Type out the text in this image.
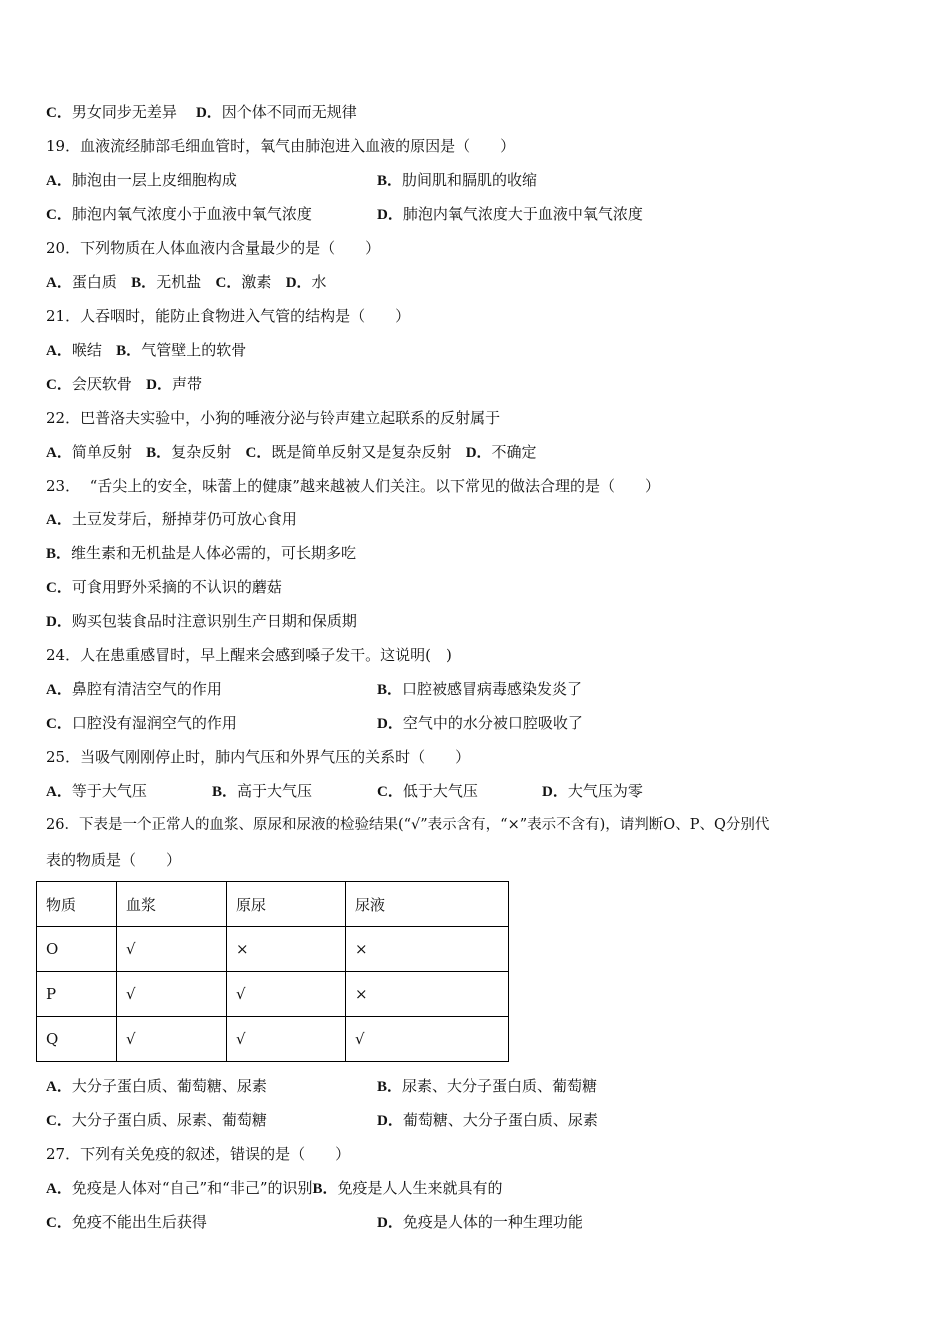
C．男女同步无差异 D．因个体不同而无规律
19．血液流经肺部毛细血管时，氧气由肺泡进入血液的原因是（　　）
A．肺泡由一层上皮细胞构成	B．肋间肌和膈肌的收缩
C．肺泡内氧气浓度小于血液中氧气浓度	D．肺泡内氧气浓度大于血液中氧气浓度
20．下列物质在人体血液内含量最少的是（　　）
A．蛋白质 B．无机盐 C．激素 D．水
21．人吞咽时，能防止食物进入气管的结构是（　　）
A．喉结 B．气管壁上的软骨
C．会厌软骨 D．声带
22．巴普洛夫实验中，小狗的唾液分泌与铃声建立起联系的反射属于
A．简单反射 B．复杂反射 C．既是简单反射又是复杂反射 D．不确定
23． “舌尖上的安全，味蕾上的健康”越来越被人们关注。以下常见的做法合理的是（　　）
A．土豆发芽后，掰掉芽仍可放心食用
B．维生素和无机盐是人体必需的，可长期多吃
C．可食用野外采摘的不认识的蘑菇
D．购买包装食品时注意识别生产日期和保质期
24．人在患重感冒时，早上醒来会感到嗓子发干。这说明(　)
A．鼻腔有清洁空气的作用	B．口腔被感冒病毒感染发炎了
C．口腔没有湿润空气的作用	D．空气中的水分被口腔吸收了
25．当吸气刚刚停止时，肺内气压和外界气压的关系时（　　）
A．等于大气压	B．高于大气压	C．低于大气压	D．大气压为零
26．下表是一个正常人的血浆、原尿和尿液的检验结果(“√”表示含有，“×”表示不含有)，请判断O、P、Q分别代
表的物质是（　　）
物质	血浆	原尿	尿液
O	√	×	×
P	√	√	×
Q	√	√	√
A．大分子蛋白质、葡萄糖、尿素	B．尿素、大分子蛋白质、葡萄糖
C．大分子蛋白质、尿素、葡萄糖	D．葡萄糖、大分子蛋白质、尿素
27．下列有关免疫的叙述，错误的是（　　）
A．免疫是人体对“自己”和“非己”的识别B．免疫是人人生来就具有的
C．免疫不能出生后获得	D．免疫是人体的一种生理功能
